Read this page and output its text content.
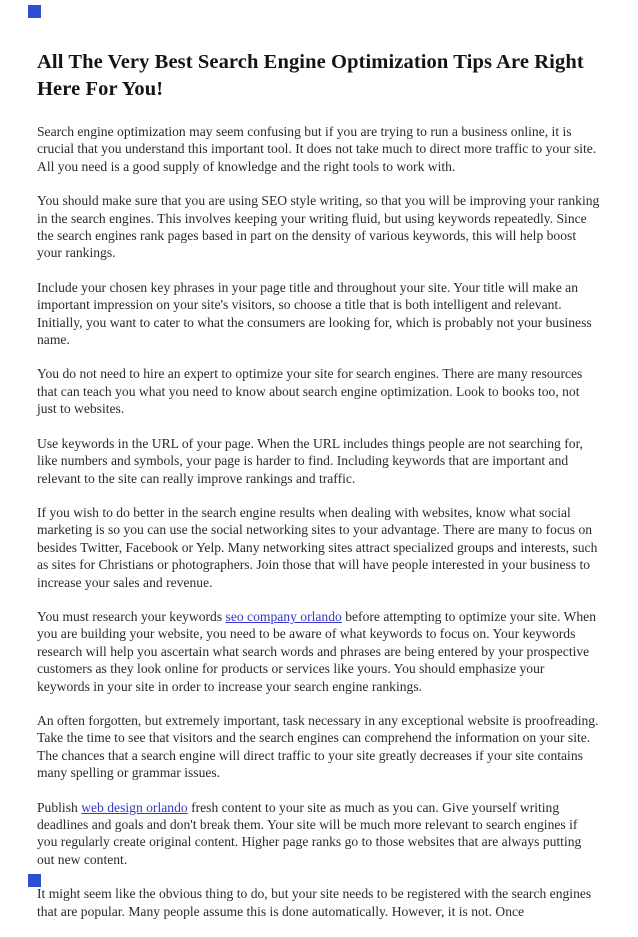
All The Very Best Search Engine Optimization Tips Are Right Here For You!

Search engine optimization may seem confusing but if you are trying to run a business online, it is crucial that you understand this important tool. It does not take much to direct more traffic to your site. All you need is a good supply of knowledge and the right tools to work with.

You should make sure that you are using SEO style writing, so that you will be improving your ranking in the search engines. This involves keeping your writing fluid, but using keywords repeatedly. Since the search engines rank pages based in part on the density of various keywords, this will help boost your rankings.

Include your chosen key phrases in your page title and throughout your site. Your title will make an important impression on your site's visitors, so choose a title that is both intelligent and relevant. Initially, you want to cater to what the consumers are looking for, which is probably not your business name.

You do not need to hire an expert to optimize your site for search engines. There are many resources that can teach you what you need to know about search engine optimization. Look to books too, not just to websites.

Use keywords in the URL of your page. When the URL includes things people are not searching for, like numbers and symbols, your page is harder to find. Including keywords that are important and relevant to the site can really improve rankings and traffic.

If you wish to do better in the search engine results when dealing with websites, know what social marketing is so you can use the social networking sites to your advantage. There are many to focus on besides Twitter, Facebook or Yelp. Many networking sites attract specialized groups and interests, such as sites for Christians or photographers. Join those that will have people interested in your business to increase your sales and revenue.

You must research your keywords seo company orlando before attempting to optimize your site. When you are building your website, you need to be aware of what keywords to focus on. Your keywords research will help you ascertain what search words and phrases are being entered by your prospective customers as they look online for products or services like yours. You should emphasize your keywords in your site in order to increase your search engine rankings.

An often forgotten, but extremely important, task necessary in any exceptional website is proofreading. Take the time to see that visitors and the search engines can comprehend the information on your site. The chances that a search engine will direct traffic to your site greatly decreases if your site contains many spelling or grammar issues.

Publish web design orlando fresh content to your site as much as you can. Give yourself writing deadlines and goals and don't break them. Your site will be much more relevant to search engines if you regularly create original content. Higher page ranks go to those websites that are always putting out new content.

It might seem like the obvious thing to do, but your site needs to be registered with the search engines that are popular. Many people assume this is done automatically. However, it is not. Once
